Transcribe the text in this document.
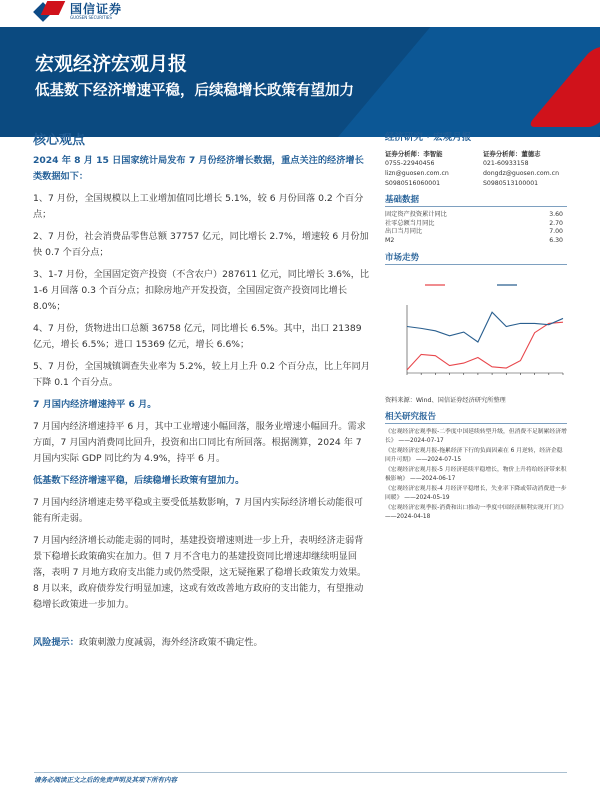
国信证券
GUOSEN SECURITIES
宏观经济宏观月报
低基数下经济增速平稳，后续稳增长政策有望加力
核心观点
2024 年 8 月 15 日国家统计局发布 7 月份经济增长数据，重点关注的经济增长类数据如下：
1、7 月份，全国规模以上工业增加值同比增长 5.1%，较 6 月份回落 0.2 个百分点；
2、7 月份，社会消费品零售总额 37757 亿元，同比增长 2.7%，增速较 6 月份加快 0.7 个百分点；
3、1-7 月份，全国固定资产投资（不含农户）287611 亿元，同比增长 3.6%，比 1-6 月回落 0.3 个百分点；扣除房地产开发投资，全国固定资产投资同比增长 8.0%；
4、7 月份，货物进出口总额 36758 亿元，同比增长 6.5%。其中，出口 21389 亿元，增长 6.5%；进口 15369 亿元，增长 6.6%；
5、7 月份，全国城镇调查失业率为 5.2%，较上月上升 0.2 个百分点，比上年同月下降 0.1 个百分点。
7 月国内经济增速持平 6 月。
7 月国内经济增速持平 6 月，其中工业增速小幅回落，服务业增速小幅回升。需求方面，7 月国内消费同比回升，投资和出口同比有所回落。根据测算，2024 年 7 月国内实际 GDP 同比约为 4.9%，持平 6 月。
低基数下经济增速平稳，后续稳增长政策有望加力。
7 月国内经济增速走势平稳或主要受低基数影响，7 月国内实际经济增长动能很可能有所走弱。
7 月国内经济增长动能走弱的同时，基建投资增速则进一步上升，表明经济走弱背景下稳增长政策确实在加力。但 7 月不含电力的基建投资同比增速却继续明显回落，表明 7 月地方政府支出能力或仍然受限，这无疑拖累了稳增长政策发力效果。8 月以来，政府债券发行明显加速，这或有效改善地方政府的支出能力，有望推动稳增长政策进一步加力。
风险提示：政策刺激力度减弱，海外经济政策不确定性。
经济研究 · 宏观月报
证券分析师：李智能
0755-22940456
lizn@guosen.com.cn
S0980516060001
证券分析师：董德志
021-60933158
dongdz@guosen.com.cn
S0980513100001
基础数据
固定资产投资累计同比	3.60
社零总额当月同比	2.70
出口当月同比	7.00
M2	6.30
市场走势
资料来源：Wind、国信证券经济研究所整理
相关研究报告
《宏观经济宏观季报-二季度中国延续转型升级，但消费不足制累经济增长》 ——2024-07-17
《宏观经济宏观月报-拖累经济下行的负面因素在 6 月逆转，经济企稳回升可期》 ——2024-07-15
《宏观经济宏观月报-5 月经济延续平稳增长，物价上升将给经济带来积极影响》 ——2024-06-17
《宏观经济宏观月报-4 月经济平稳增长，失业率下降或带动消费进一步回暖》 ——2024-05-19
《宏观经济宏观季报-消费和出口推动一季度中国经济顺利实现开门红》 ——2024-04-18
请务必阅读正文之后的免责声明及其项下所有内容
